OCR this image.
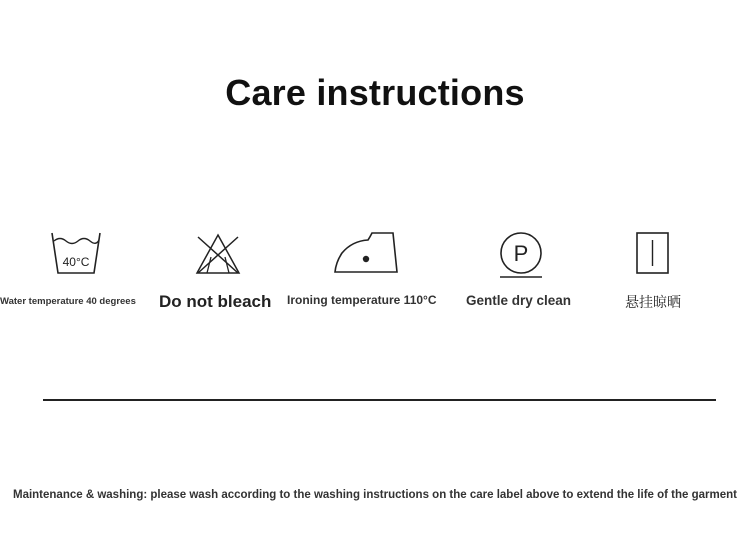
Care instructions
40°C
Water temperature 40 degrees Do not bleach Ironing temperature 110°C
P
Gentle dry clean	悬挂晾晒
Maintenance & washing: please wash according to the washing instructions on the care label above to extend the life of the garment
